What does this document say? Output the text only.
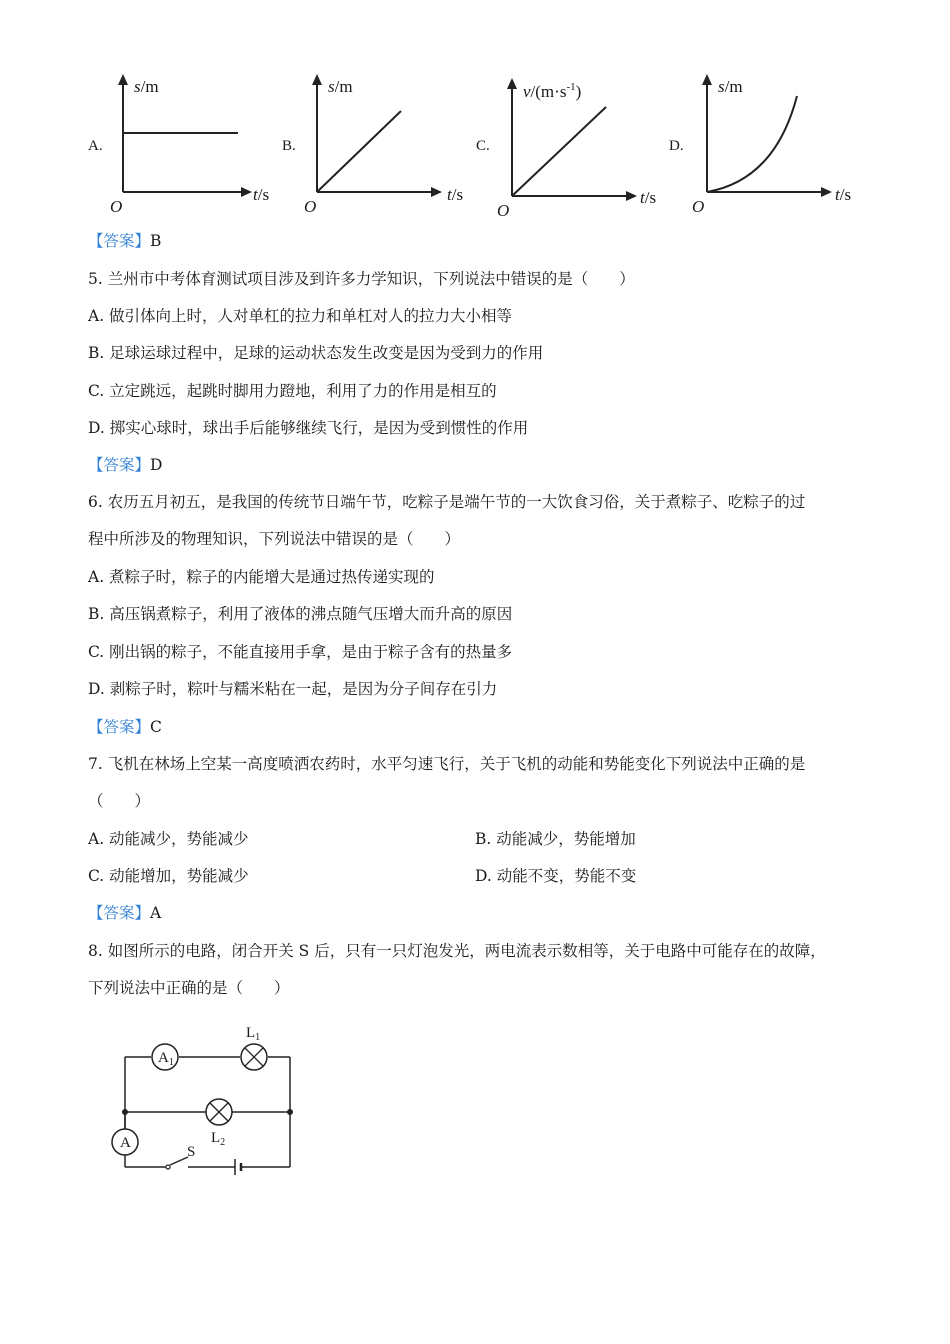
A.
s/m
t/s
O
B.
s/m
t/s
O
C.
$v/(m\cdot s^{-1})$
t/s
O
D.
s/m
t/s
O
【答案】B
5. 兰州市中考体育测试项目涉及到许多力学知识，下列说法中错误的是（　　）
A. 做引体向上时，人对单杠的拉力和单杠对人的拉力大小相等
B. 足球运球过程中，足球的运动状态发生改变是因为受到力的作用
C. 立定跳远，起跳时脚用力蹬地，利用了力的作用是相互的
D. 掷实心球时，球出手后能够继续飞行，是因为受到惯性的作用
【答案】D
6. 农历五月初五，是我国的传统节日端午节，吃粽子是端午节的一大饮食习俗，关于煮粽子、吃粽子的过
程中所涉及的物理知识，下列说法中错误的是（　　）
A. 煮粽子时，粽子的内能增大是通过热传递实现的
B. 高压锅煮粽子，利用了液体的沸点随气压增大而升高的原因
C. 刚出锅的粽子，不能直接用手拿，是由于粽子含有的热量多
D. 剥粽子时，粽叶与糯米粘在一起，是因为分子间存在引力
【答案】C
7. 飞机在林场上空某一高度喷洒农药时，水平匀速飞行，关于飞机的动能和势能变化下列说法中正确的是
（　　）
A. 动能减少，势能减少	B. 动能减少，势能增加
C. 动能增加，势能减少	D. 动能不变，势能不变
【答案】A
8. 如图所示的电路，闭合开关 S 后，只有一只灯泡发光，两电流表示数相等，关于电路中可能存在的故障，
下列说法中正确的是（　　）
A1
L1
L2
A
S
